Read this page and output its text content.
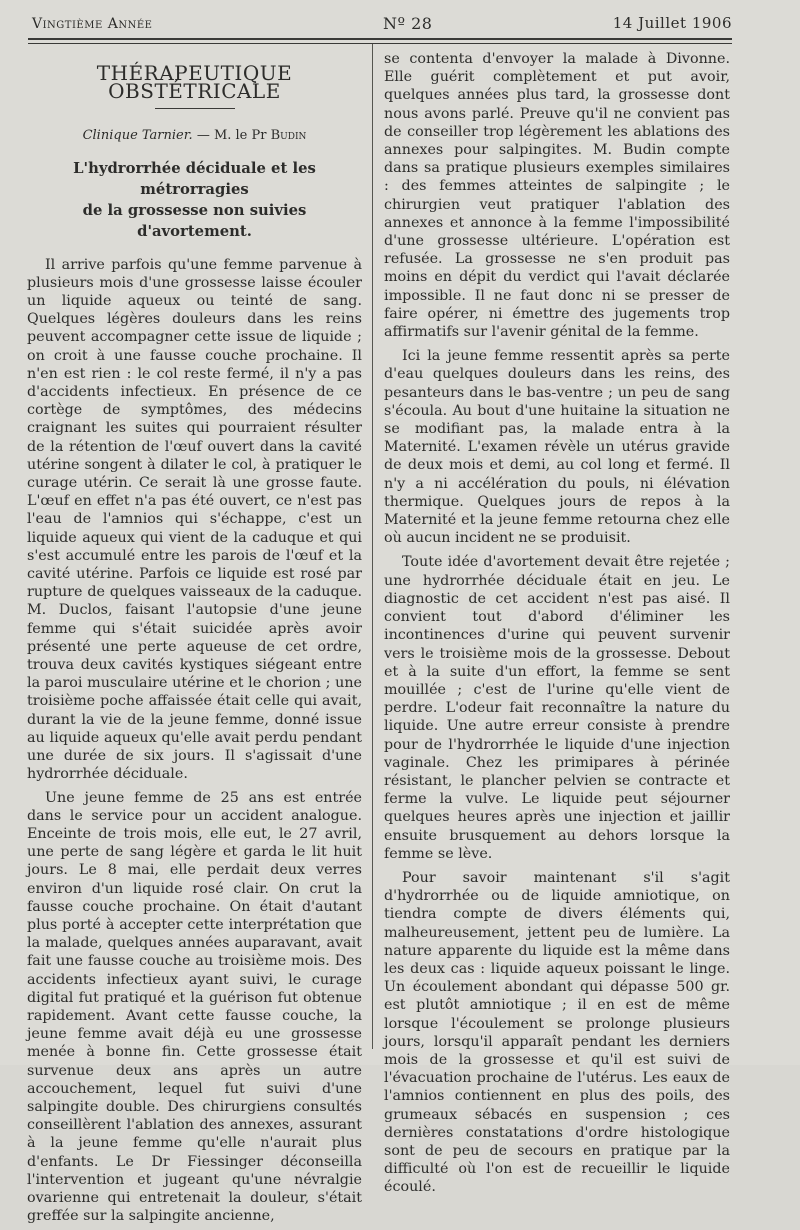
Vingtième Année	Nº 28	14 Juillet 1906
THÉRAPEUTIQUE OBSTÉTRICALE
Clinique Tarnier. — M. le Pr Budin
L'hydrorrhée déciduale et les métrorragies
de la grossesse non suivies d'avortement.

Il arrive parfois qu'une femme parvenue à plusieurs mois d'une grossesse laisse écouler un liquide aqueux ou teinté de sang. Quelques légères douleurs dans les reins peuvent accompagner cette issue de liquide ; on croit à une fausse couche prochaine. Il n'en est rien : le col reste fermé, il n'y a pas d'accidents infectieux. En présence de ce cortège de symptômes, des médecins craignant les suites qui pourraient résulter de la rétention de l'œuf ouvert dans la cavité utérine songent à dilater le col, à pratiquer le curage utérin. Ce serait là une grosse faute. L'œuf en effet n'a pas été ouvert, ce n'est pas l'eau de l'amnios qui s'échappe, c'est un liquide aqueux qui vient de la caduque et qui s'est accumulé entre les parois de l'œuf et la cavité utérine. Parfois ce liquide est rosé par rupture de quelques vaisseaux de la caduque. M. Duclos, faisant l'autopsie d'une jeune femme qui s'était suicidée après avoir présenté une perte aqueuse de cet ordre, trouva deux cavités kystiques siégeant entre la paroi musculaire utérine et le chorion ; une troisième poche affaissée était celle qui avait, durant la vie de la jeune femme, donné issue au liquide aqueux qu'elle avait perdu pendant une durée de six jours. Il s'agissait d'une hydrorrhée déciduale.

Une jeune femme de 25 ans est entrée dans le service pour un accident analogue. Enceinte de trois mois, elle eut, le 27 avril, une perte de sang légère et garda le lit huit jours. Le 8 mai, elle perdait deux verres environ d'un liquide rosé clair. On crut la fausse couche prochaine. On était d'autant plus porté à accepter cette interprétation que la malade, quelques années auparavant, avait fait une fausse couche au troisième mois. Des accidents infectieux ayant suivi, le curage digital fut pratiqué et la guérison fut obtenue rapidement. Avant cette fausse couche, la jeune femme avait déjà eu une grossesse menée à bonne fin. Cette grossesse était survenue deux ans après un autre accouchement, lequel fut suivi d'une salpingite double. Des chirurgiens consultés conseillèrent l'ablation des annexes, assurant à la jeune femme qu'elle n'aurait plus d'enfants. Le Dr Fiessinger déconseilla l'intervention et jugeant qu'une névralgie ovarienne qui entretenait la douleur, s'était greffée sur la salpingite ancienne,

se contenta d'envoyer la malade à Divonne. Elle guérit complètement et put avoir, quelques années plus tard, la grossesse dont nous avons parlé. Preuve qu'il ne convient pas de conseiller trop légèrement les ablations des annexes pour salpingites. M. Budin compte dans sa pratique plusieurs exemples similaires : des femmes atteintes de salpingite ; le chirurgien veut pratiquer l'ablation des annexes et annonce à la femme l'impossibilité d'une grossesse ultérieure. L'opération est refusée. La grossesse ne s'en produit pas moins en dépit du verdict qui l'avait déclarée impossible. Il ne faut donc ni se presser de faire opérer, ni émettre des jugements trop affirmatifs sur l'avenir génital de la femme.

Ici la jeune femme ressentit après sa perte d'eau quelques douleurs dans les reins, des pesanteurs dans le bas-ventre ; un peu de sang s'écoula. Au bout d'une huitaine la situation ne se modifiant pas, la malade entra à la Maternité. L'examen révèle un utérus gravide de deux mois et demi, au col long et fermé. Il n'y a ni accélération du pouls, ni élévation thermique. Quelques jours de repos à la Maternité et la jeune femme retourna chez elle où aucun incident ne se produisit.

Toute idée d'avortement devait être rejetée ; une hydrorrhée déciduale était en jeu. Le diagnostic de cet accident n'est pas aisé. Il convient tout d'abord d'éliminer les incontinences d'urine qui peuvent survenir vers le troisième mois de la grossesse. Debout et à la suite d'un effort, la femme se sent mouillée ; c'est de l'urine qu'elle vient de perdre. L'odeur fait reconnaître la nature du liquide. Une autre erreur consiste à prendre pour de l'hydrorrhée le liquide d'une injection vaginale. Chez les primipares à périnée résistant, le plancher pelvien se contracte et ferme la vulve. Le liquide peut séjourner quelques heures après une injection et jaillir ensuite brusquement au dehors lorsque la femme se lève.

Pour savoir maintenant s'il s'agit d'hydrorrhée ou de liquide amniotique, on tiendra compte de divers éléments qui, malheureusement, jettent peu de lumière. La nature apparente du liquide est la même dans les deux cas : liquide aqueux poissant le linge. Un écoulement abondant qui dépasse 500 gr. est plutôt amniotique ; il en est de même lorsque l'écoulement se prolonge plusieurs jours, lorsqu'il apparaît pendant les derniers mois de la grossesse et qu'il est suivi de l'évacuation prochaine de l'utérus. Les eaux de l'amnios contiennent en plus des poils, des grumeaux sébacés en suspension ; ces dernières constatations d'ordre histologique sont de peu de secours en pratique par la difficulté où l'on est de recueillir le liquide écoulé.
